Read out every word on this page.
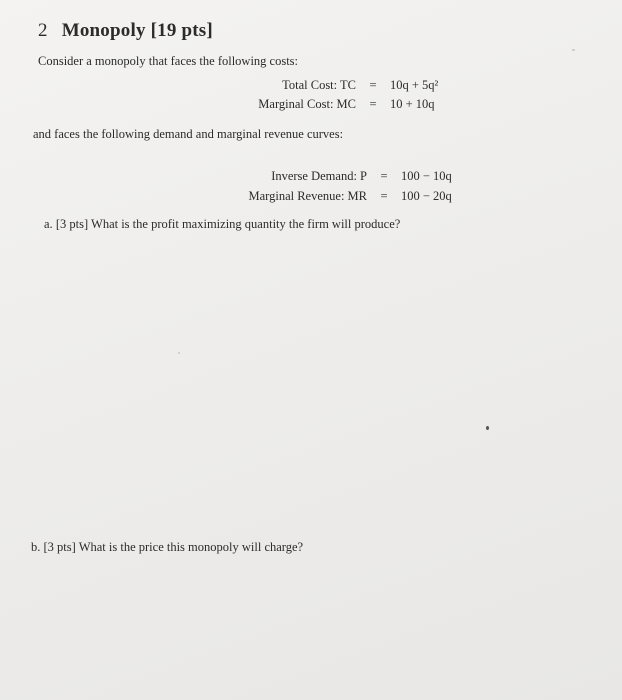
2 Monopoly [19 pts]
Consider a monopoly that faces the following costs:
Total Cost: TC	=	10q + 5q²
Marginal Cost: MC	=	10 + 10q
and faces the following demand and marginal revenue curves:
Inverse Demand: P	=	100 − 10q
Marginal Revenue: MR	=	100 − 20q
a. [3 pts] What is the profit maximizing quantity the firm will produce?
b. [3 pts] What is the price this monopoly will charge?
